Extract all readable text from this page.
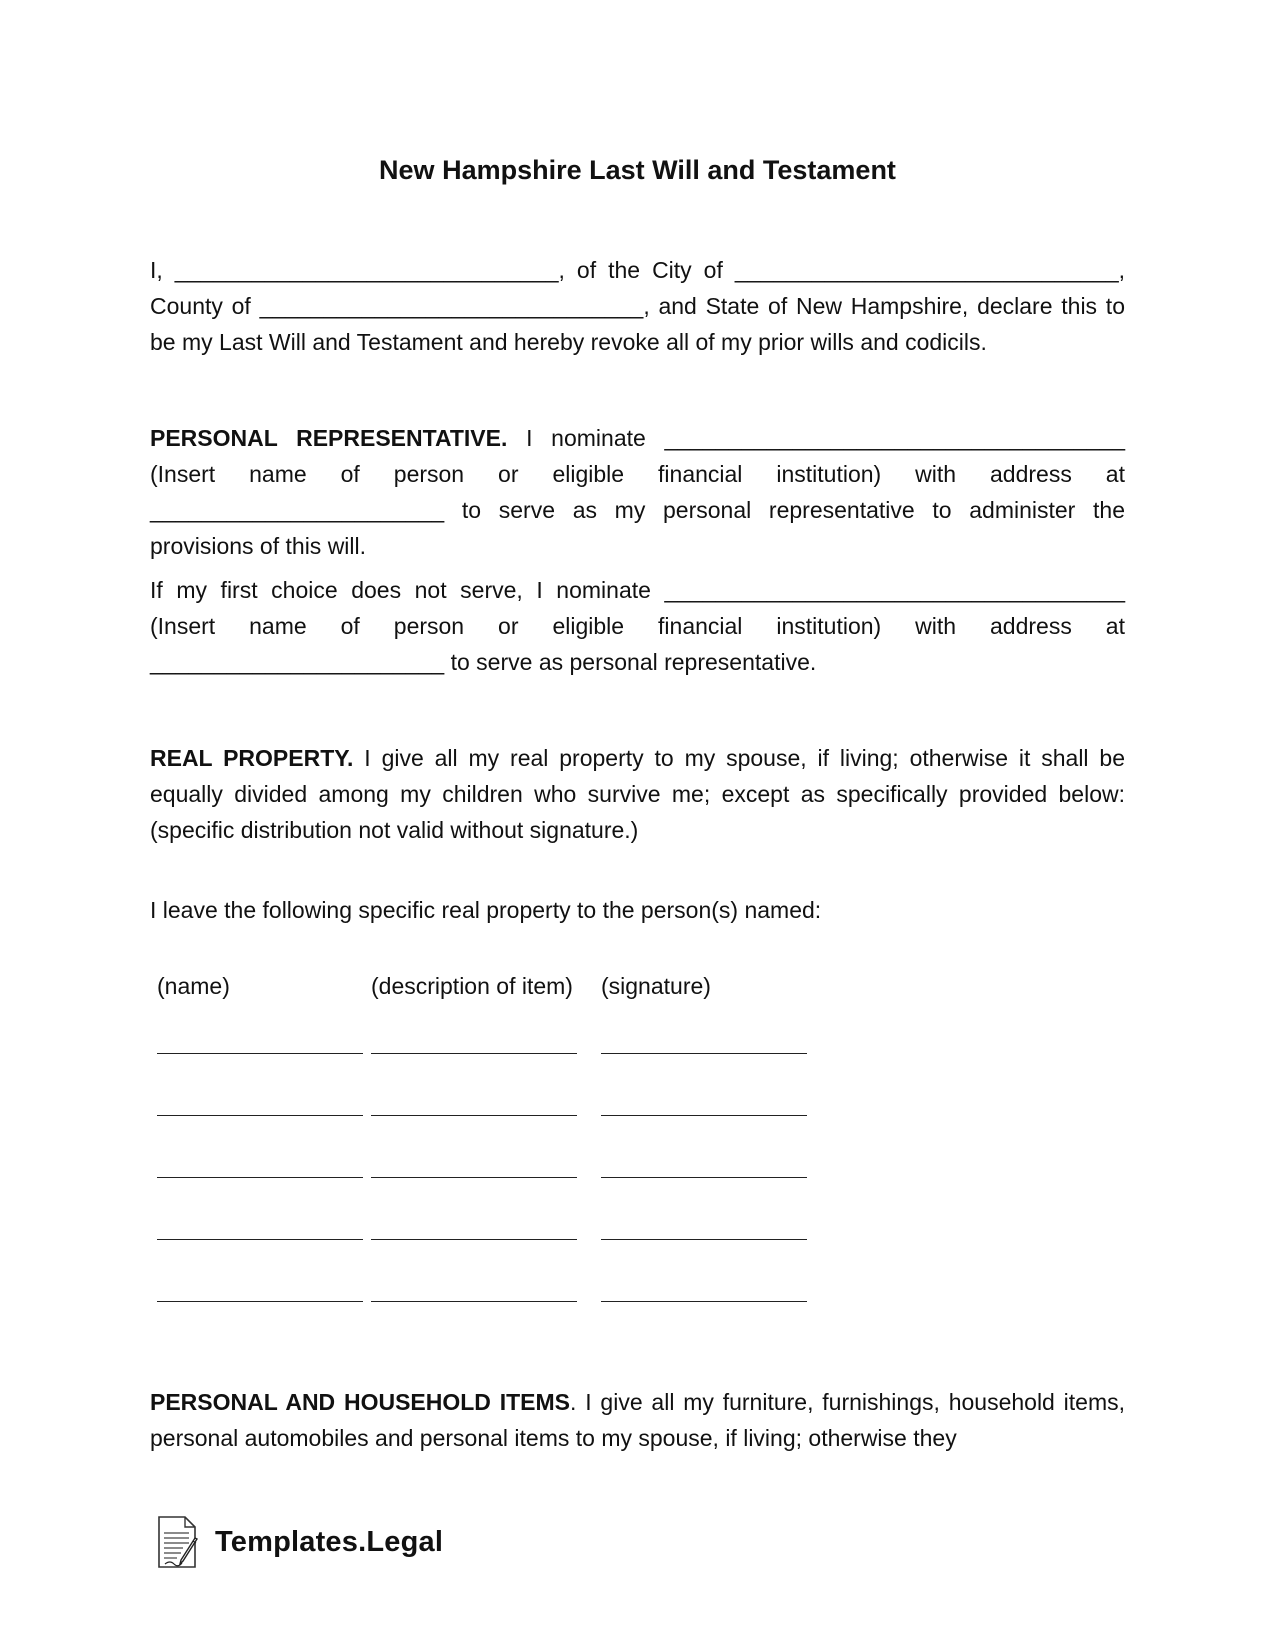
New Hampshire Last Will and Testament

I, ______________________________, of the City of ______________________________, County of ______________________________, and State of New Hampshire, declare this to be my Last Will and Testament and hereby revoke all of my prior wills and codicils.

PERSONAL REPRESENTATIVE. I nominate ____________________________________ (Insert name of person or eligible financial institution) with address at _______________________ to serve as my personal representative to administer the provisions of this will.

If my first choice does not serve, I nominate ____________________________________ (Insert name of person or eligible financial institution) with address at _______________________ to serve as personal representative.

REAL PROPERTY. I give all my real property to my spouse, if living; otherwise it shall be equally divided among my children who survive me; except as specifically provided below: (specific distribution not valid without signature.)

I leave the following specific real property to the person(s) named:

(name)	(description of item) (signature)

PERSONAL AND HOUSEHOLD ITEMS. I give all my furniture, furnishings, household items, personal automobiles and personal items to my spouse, if living; otherwise they

Templates.Legal
